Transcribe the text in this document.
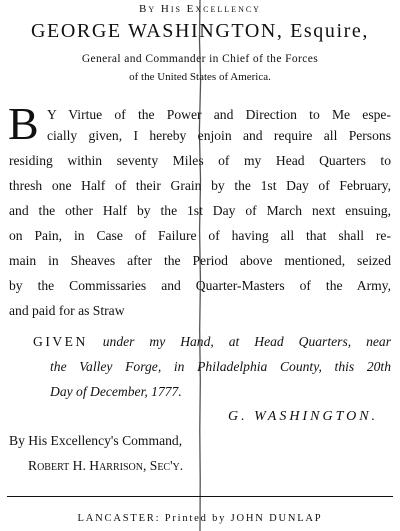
By His Excellency
GEORGE WASHINGTON, Esquire,
General and Commander in Chief of the Forces
of the United States of America.
B Y Virtue of the Power and Direction to Me espe-
cially given, I hereby enjoin and require all Persons
residing within seventy Miles of my Head Quarters to
thresh one Half of their Grain by the 1st Day of February,
and the other Half by the 1st Day of March next ensuing,
on Pain, in Case of Failure of having all that shall re-
main in Sheaves after the Period above mentioned, seized
by the Commissaries and Quarter-Masters of the Army,
and paid for as Straw
GIVEN under my Hand, at Head Quarters, near
the Valley Forge, in Philadelphia County, this 20th
Day of December, 1777.
G. WASHINGTON.
By His Excellency's Command,
Robert H. Harrison, Sec'y.
LANCASTER: Printed by JOHN DUNLAP
